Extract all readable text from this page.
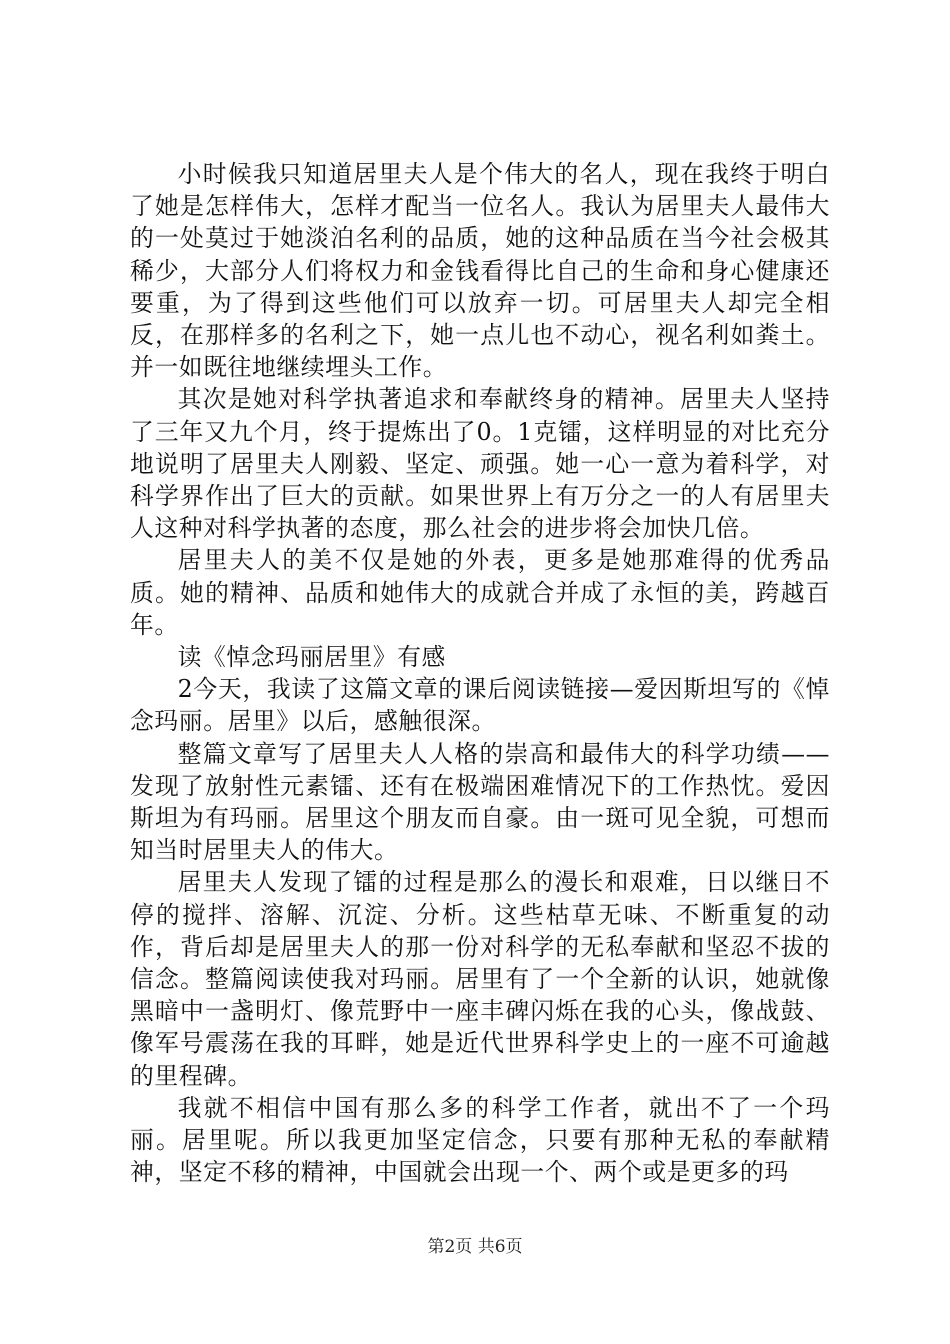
小时候我只知道居里夫人是个伟大的名人，现在我终于明白了她是怎样伟大，怎样才配当一位名人。我认为居里夫人最伟大的一处莫过于她淡泊名利的品质，她的这种品质在当今社会极其稀少，大部分人们将权力和金钱看得比自己的生命和身心健康还要重，为了得到这些他们可以放弃一切。可居里夫人却完全相反，在那样多的名利之下，她一点儿也不动心，视名利如粪土。并一如既往地继续埋头工作。

其次是她对科学执著追求和奉献终身的精神。居里夫人坚持了三年又九个月，终于提炼出了0。1克镭，这样明显的对比充分地说明了居里夫人刚毅、坚定、顽强。她一心一意为着科学，对科学界作出了巨大的贡献。如果世界上有万分之一的人有居里夫人这种对科学执著的态度，那么社会的进步将会加快几倍。

居里夫人的美不仅是她的外表，更多是她那难得的优秀品质。她的精神、品质和她伟大的成就合并成了永恒的美，跨越百年。

读《悼念玛丽居里》有感

2今天，我读了这篇文章的课后阅读链接—爱因斯坦写的《悼念玛丽。居里》以后，感触很深。

整篇文章写了居里夫人人格的崇高和最伟大的科学功绩——发现了放射性元素镭、还有在极端困难情况下的工作热忱。爱因斯坦为有玛丽。居里这个朋友而自豪。由一斑可见全貌，可想而知当时居里夫人的伟大。

居里夫人发现了镭的过程是那么的漫长和艰难，日以继日不停的搅拌、溶解、沉淀、分析。这些枯草无味、不断重复的动作，背后却是居里夫人的那一份对科学的无私奉献和坚忍不拔的信念。整篇阅读使我对玛丽。居里有了一个全新的认识，她就像黑暗中一盏明灯、像荒野中一座丰碑闪烁在我的心头，像战鼓、像军号震荡在我的耳畔，她是近代世界科学史上的一座不可逾越的里程碑。

我就不相信中国有那么多的科学工作者，就出不了一个玛丽。居里呢。所以我更加坚定信念，只要有那种无私的奉献精神，坚定不移的精神，中国就会出现一个、两个或是更多的玛

第2页 共6页
